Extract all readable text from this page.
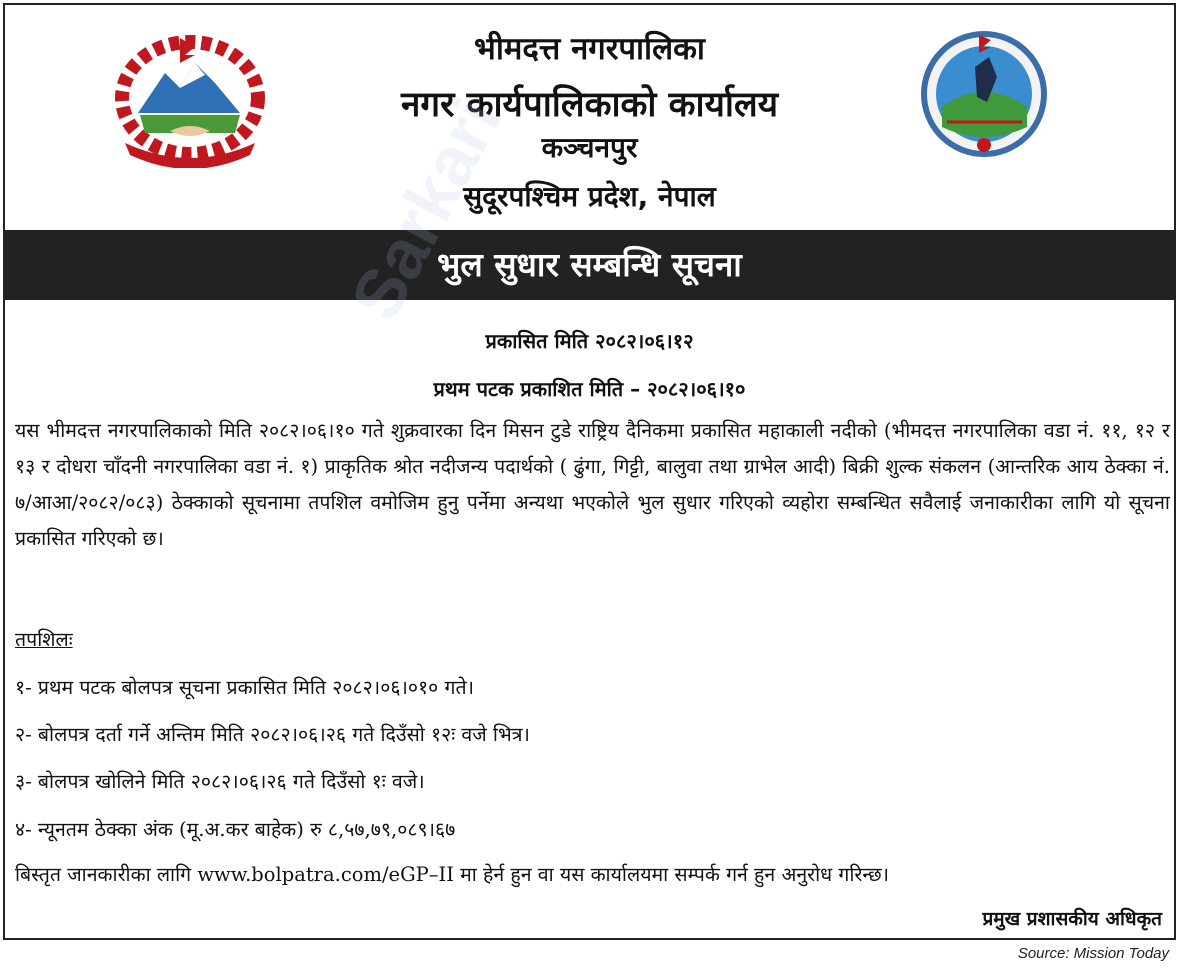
भीमदत्त नगरपालिका
नगर कार्यपालिकाको कार्यालय
कञ्चनपुर
सुदूरपश्चिम प्रदेश, नेपाल
भुल सुधार सम्बन्धि सूचना
Sarkari
प्रकासित मिति २०८२।०६।१२
प्रथम पटक प्रकाशित मिति – २०८२।०६।१०
यस भीमदत्त नगरपालिकाको मिति २०८२।०६।१० गते शुक्रवारका दिन मिसन टुडे राष्ट्रिय दैनिकमा प्रकासित महाकाली नदीको (भीमदत्त नगरपालिका वडा नं. ११, १२ र १३ र दोधरा चाँदनी नगरपालिका वडा नं. १) प्राकृतिक श्रोत नदीजन्य पदार्थको ( ढुंगा, गिट्टी, बालुवा तथा ग्राभेल आदी) बिक्री शुल्क संकलन (आन्तरिक आय ठेक्का नं. ७/आआ/२०८२/०८३) ठेक्काको सूचनामा तपशिल वमोजिम हुनु पर्नेमा अन्यथा भएकोले भुल सुधार गरिएको व्यहोरा सम्बन्धित सवैलाई जनाकारीका लागि यो सूचना प्रकासित गरिएको छ।
तपशिलः
१- प्रथम पटक बोलपत्र सूचना प्रकासित मिति २०८२।०६।०१० गते।
२- बोलपत्र दर्ता गर्ने अन्तिम मिति २०८२।०६।२६ गते दिउँसो १२ः वजे भित्र।
३- बोलपत्र खोलिने मिति २०८२।०६।२६ गते दिउँसो १ः वजे।
४- न्यूनतम ठेक्का अंक (मू.अ.कर बाहेक) रु ८,५७,७९,०८९।६७
बिस्तृत जानकारीका लागि www.bolpatra.com/eGP–II मा हेर्न हुन वा यस कार्यालयमा सम्पर्क गर्न हुन अनुरोध गरिन्छ।
प्रमुख प्रशासकीय अधिकृत
Source: Mission Today
